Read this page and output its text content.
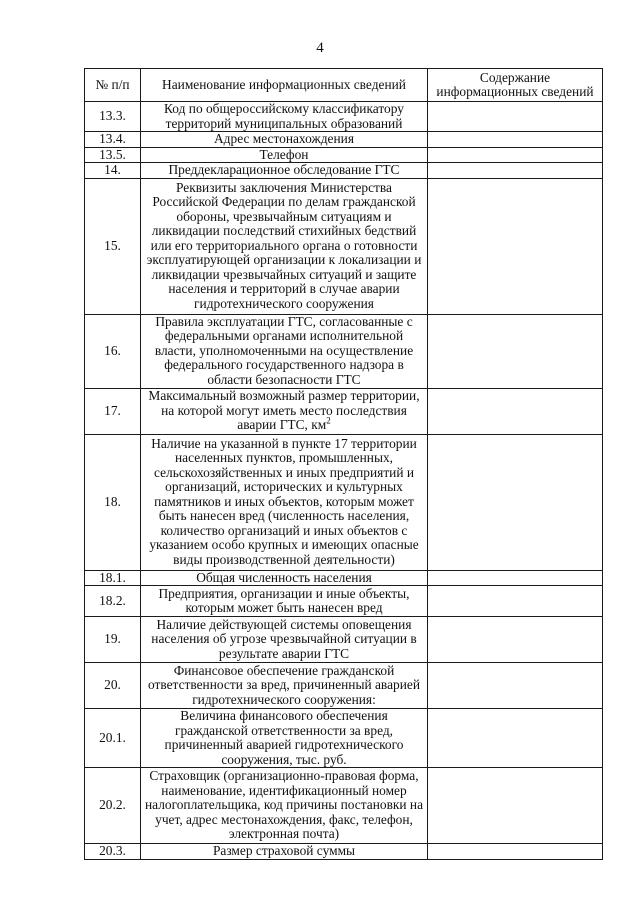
4
№ п/п	Наименование информационных сведений	Содержание информационных сведений
13.3.	Код по общероссийскому классификатору территорий муниципальных образований	
13.4.	Адрес местонахождения	
13.5.	Телефон	
14.	Преддекларационное обследование ГТС	
15.	Реквизиты заключения Министерства Российской Федерации по делам гражданской обороны, чрезвычайным ситуациям и ликвидации последствий стихийных бедствий или его территориального органа о готовности эксплуатирующей организации к локализации и ликвидации чрезвычайных ситуаций и защите населения и территорий в случае аварии гидротехнического сооружения	
16.	Правила эксплуатации ГТС, согласованные с федеральными органами исполнительной власти, уполномоченными на осуществление федерального государственного надзора в области безопасности ГТС	
17.	Максимальный возможный размер территории, на которой могут иметь место последствия аварии ГТС, $км^2$	
18.	Наличие на указанной в пункте 17 территории населенных пунктов, промышленных, сельскохозяйственных и иных предприятий и организаций, исторических и культурных памятников и иных объектов, которым может быть нанесен вред (численность населения, количество организаций и иных объектов с указанием особо крупных и имеющих опасные виды производственной деятельности)	
18.1.	Общая численность населения	
18.2.	Предприятия, организации и иные объекты, которым может быть нанесен вред	
19.	Наличие действующей системы оповещения населения об угрозе чрезвычайной ситуации в результате аварии ГТС	
20.	Финансовое обеспечение гражданской ответственности за вред, причиненный аварией гидротехнического сооружения:	
20.1.	Величина финансового обеспечения гражданской ответственности за вред, причиненный аварией гидротехнического сооружения, тыс. руб.	
20.2.	Страховщик (организационно-правовая форма, наименование, идентификационный номер налогоплательщика, код причины постановки на учет, адрес местонахождения, факс, телефон, электронная почта)	
20.3.	Размер страховой суммы	
